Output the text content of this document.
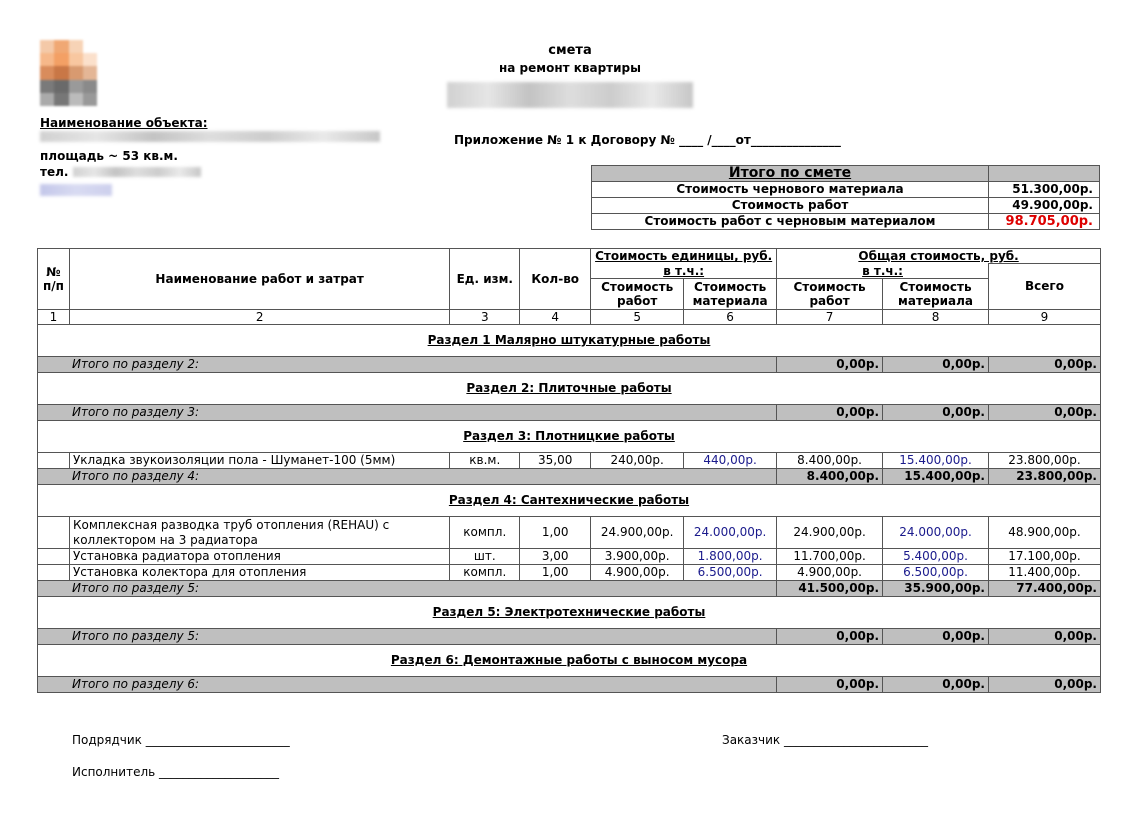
смета
на ремонт квартиры
Наименование объекта:
площадь ~ 53 кв.м.
тел.
Приложение № 1 к Договору № ____ /____от_______________
Итого по смете	
Стоимость чернового материала	51.300,00р.
Стоимость работ	49.900,00р.
Стоимость работ с черновым материалом	98.705,00р.
№ п/п	Наименование работ и затрат	Ед. изм.	Кол-во	Стоимость единицы, руб.		Общая стоимость, руб.		
				в т.ч.:		в т.ч.:		Всего
				Стоимость работ	Стоимость материала	Стоимость работ	Стоимость материала	
1	2	3	4	5	6	7	8	9
Раздел 1 Малярно штукатурные работы								
Итого по разделу 2:						0,00р.	0,00р.	0,00р.
Раздел 2: Плиточные работы								
Итого по разделу 3:						0,00р.	0,00р.	0,00р.
Раздел 3: Плотницкие работы								
	Укладка звукоизоляции пола - Шуманет-100 (5мм)	кв.м.	35,00	240,00р.	440,00р.	8.400,00р.	15.400,00р.	23.800,00р.
Итого по разделу 4:						8.400,00р.	15.400,00р.	23.800,00р.
Раздел 4: Сантехнические работы								
	Комплексная разводка труб отопления (REHAU) с коллектором на 3 радиатора	компл.	1,00	24.900,00р.	24.000,00р.	24.900,00р.	24.000,00р.	48.900,00р.
	Установка радиатора отопления	шт.	3,00	3.900,00р.	1.800,00р.	11.700,00р.	5.400,00р.	17.100,00р.
	Установка колектора для отопления	компл.	1,00	4.900,00р.	6.500,00р.	4.900,00р.	6.500,00р.	11.400,00р.
Итого по разделу 5:						41.500,00р.	35.900,00р.	77.400,00р.
Раздел 5: Электротехнические работы								
Итого по разделу 5:						0,00р.	0,00р.	0,00р.
Раздел 6: Демонтажные работы с выносом мусора								
Итого по разделу 6:						0,00р.	0,00р.	0,00р.
Подрядчик ________________________	Заказчик ________________________
Исполнитель ____________________
